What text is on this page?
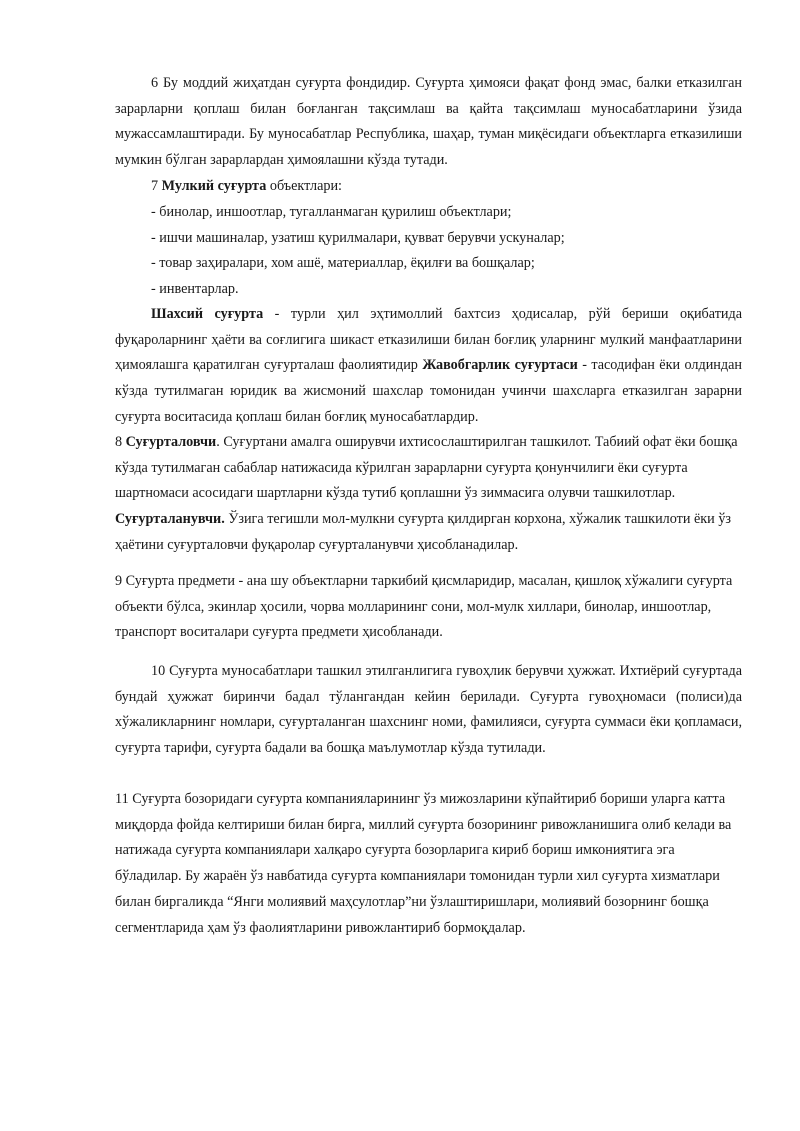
6 Бу моддий жиҳатдан суғурта фондидир. Суғурта ҳимояси фақат фонд эмас, балки етказилган зарарларни қоплаш билан боғланган тақсимлаш ва қайта тақсимлаш муносабатларини ўзида мужассамлаштиради. Бу муносабатлар Республика, шаҳар, туман миқёсидаги объектларга етказилиши мумкин бўлган зарарлардан ҳимоялашни кўзда тутади.

7 Мулкий суғурта объектлари:

- бинолар, иншоотлар, тугалланмаган қурилиш объектлари;
- ишчи машиналар, узатиш қурилмалари, қувват берувчи ускуналар;
- товар заҳиралари, хом ашё, материаллар, ёқилғи ва бошқалар;
- инвентарлар.

Шахсий суғурта - турли ҳил эҳтимоллий бахтсиз ҳодисалар, рўй бериши оқибатида фуқароларнинг ҳаёти ва соғлигига шикаст етказилиши билан боғлиқ уларнинг мулкий манфаатларини ҳимоялашга қаратилган суғурталаш фаолиятидир Жавобгарлик суғуртаси - тасодифан ёки олдиндан кўзда тутилмаган юридик ва жисмоний шахслар томонидан учинчи шахсларга етказилган зарарни суғурта воситасида қоплаш билан боғлиқ муносабатлардир.

8 Суғурталовчи. Суғуртани амалга оширувчи ихтисослаштирилган ташкилот. Табиий офат ёки бошқа кўзда тутилмаган сабаблар натижасида кўрилган зарарларни суғурта қонунчилиги ёки суғурта шартномаси асосидаги шартларни кўзда тутиб қоплашни ўз зиммасига олувчи ташкилотлар. Суғурталанувчи. Ўзига тегишли мол-мулкни суғурта қилдирган корхона, хўжалик ташкилоти ёки ўз ҳаётини суғурталовчи фуқаролар суғурталанувчи ҳисобланадилар.

9 Суғурта предмети - ана шу объектларни таркибий қисмларидир, масалан, қишлоқ хўжалиги суғурта объекти бўлса, экинлар ҳосили, чорва молларининг сони, мол-мулк хиллари, бинолар, иншоотлар, транспорт воситалари суғурта предмети ҳисобланади.

10 Суғурта муносабатлари ташкил этилганлигига гувоҳлик берувчи ҳужжат. Ихтиёрий суғуртада бундай ҳужжат биринчи бадал тўлангандан кейин берилади. Суғурта гувоҳномаси (полиси)да хўжаликларнинг номлари, суғурталанган шахснинг номи, фамилияси, суғурта суммаси ёки қопламаси, суғурта тарифи, суғурта бадали ва бошқа маълумотлар кўзда тутилади.

11 Суғурта бозоридаги суғурта компанияларининг ўз мижозларини кўпайтириб бориши уларга катта миқдорда фойда келтириши билан бирга, миллий суғурта бозорининг ривожланишига олиб келади ва натижада суғурта компаниялари халқаро суғурта бозорларига кириб бориш имкониятига эга бўладилар. Бу жараён ўз навбатида суғурта компаниялари томонидан турли хил суғурта хизматлари билан биргаликда “Янги молиявий маҳсулотлар”ни ўзлаштиришлари, молиявий бозорнинг бошқа сегментларида ҳам ўз фаолиятларини ривожлантириб бормоқдалар.
